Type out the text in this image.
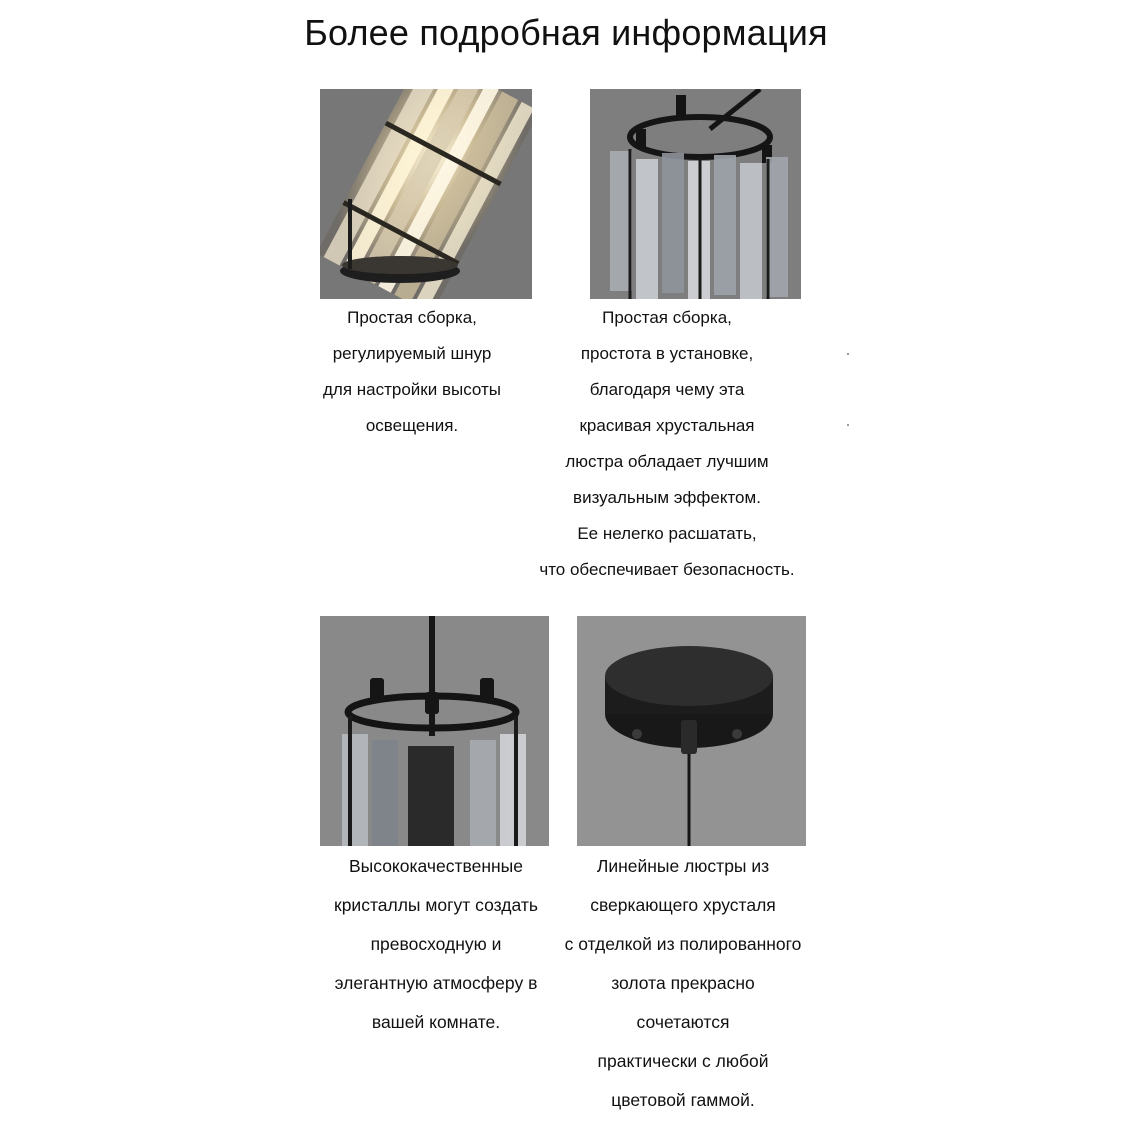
Более подробная информация
Простая сборка,
регулируемый шнур
для настройки высоты
освещения.
Простая сборка,
простота в установке,
благодаря чему эта
красивая хрустальная
люстра обладает лучшим
визуальным эффектом.
Ее нелегко расшатать,
что обеспечивает безопасность.
Высококачественные
кристаллы могут создать
превосходную и
элегантную атмосферу в
вашей комнате.
Линейные люстры из
сверкающего хрусталя
с отделкой из полированного
золота прекрасно
сочетаются
практически с любой
цветовой гаммой.
